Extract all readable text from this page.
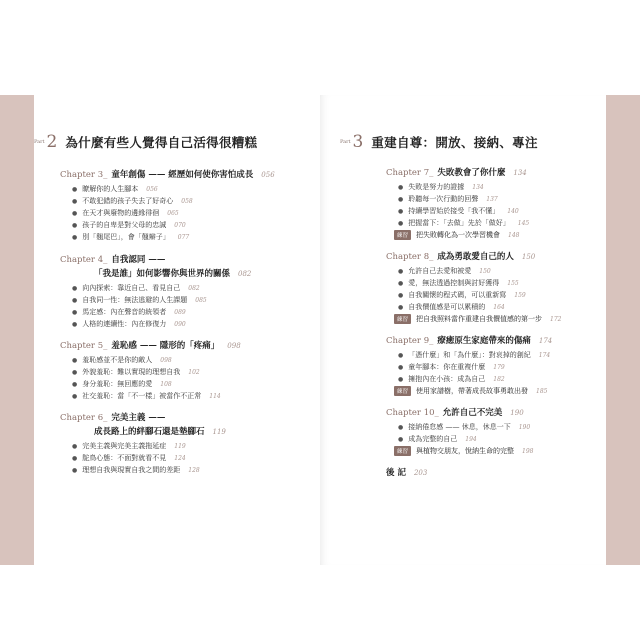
Part 2 為什麼有些人覺得自己活得很糟糕
Chapter 3_ 童年創傷 —— 經歷如何使你害怕成長 056
● 瞭解你的人生腳本 056
● 不敢犯錯的孩子失去了好奇心 058
● 在天才與廢物的邊緣徘徊 065
● 孩子的自卑是對父母的忠誠 070
● 別「翹尾巴」，會「翹辮子」 077
Chapter 4_ 自我認同 ——
「我是誰」如何影響你與世界的關係 082
● 向內探索：靠近自己、看見自己 082
● 自我同一性：無法逃避的人生課題 085
● 馬定感：內在聲音的統領者 089
● 人格的連續性：內在修復力 090
Chapter 5_ 羞恥感 —— 隱形的「疼痛」 098
● 羞恥感並不是你的敵人 098
● 外貌羞恥：難以實現的理想自我 102
● 身分羞恥：無回應的愛 108
● 社交羞恥：當「不一樣」被當作不正常 114
Chapter 6_ 完美主義 ——
成長路上的絆腳石還是墊腳石 119
● 完美主義與完美主義拖延症 119
● 鴕鳥心態：不面對就看不見 124
● 理想自我與現實自我之間的差距 128
Part 3 重建自尊：開放、接納、專注
Chapter 7_ 失敗教會了你什麼 134
● 失敗是努力的證據 134
● 聆聽每一次行動的回聲 137
● 持續學習始於接受「我不懂」 140
● 把握當下：「去做」先於「做好」 145
練習	把失敗轉化為一次學習機會 148
Chapter 8_ 成為勇敢愛自己的人 150
● 允許自己去愛和被愛 150
● 愛，無法透過控制與討好獲得 155
● 自我關懷的程式碼，可以重新寫 159
● 自我價值感是可以累積的 164
練習	把自我照料當作重建自我價值感的第一步 172
Chapter 9_ 療癒原生家庭帶來的傷痛 174
● 「憑什麼」和「為什麼」：對哀掉的創紀 174
● 童年腳本：你在重複什麼 179
● 擁抱內在小孩：成為自己 182
練習	使用家譜樹，帶著成長故事勇敢出發 185
Chapter 10_ 允許自己不完美 190
● 接納倦怠感 —— 休息，休息一下 190
● 成為完整的自己 194
練習	與植物交朋友，悅納生命的完整 198
後 記 203
